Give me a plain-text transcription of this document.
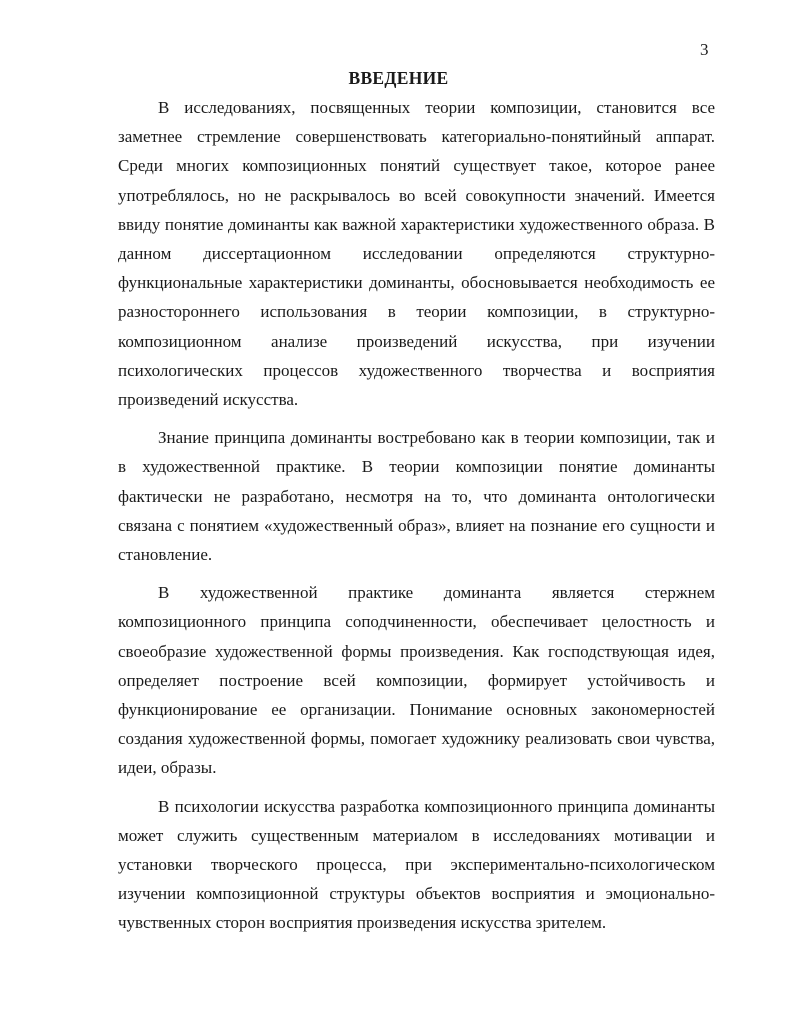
3
ВВЕДЕНИЕ

В исследованиях, посвященных теории композиции, становится все заметнее стремление совершенствовать категориально-понятийный аппарат. Среди многих композиционных понятий существует такое, которое ранее употреблялось, но не раскрывалось во всей совокупности значений. Имеется ввиду понятие доминанты как важной характеристики художественного образа. В данном диссертационном исследовании определяются структурно-функциональные характеристики доминанты, обосновывается необходимость ее разностороннего использования в теории композиции, в структурно-композиционном анализе произведений искусства, при изучении психологических процессов художественного творчества и восприятия произведений искусства.

Знание принципа доминанты востребовано как в теории композиции, так и в художественной практике. В теории композиции понятие доминанты фактически не разработано, несмотря на то, что доминанта онтологически связана с понятием «художественный образ», влияет на познание его сущности и становление.

В художественной практике доминанта является стержнем композиционного принципа соподчиненности, обеспечивает целостность и своеобразие художественной формы произведения. Как господствующая идея, определяет построение всей композиции, формирует устойчивость и функционирование ее организации. Понимание основных закономерностей создания художественной формы, помогает художнику реализовать свои чувства, идеи, образы.

В психологии искусства разработка композиционного принципа доминанты может служить существенным материалом в исследованиях мотивации и установки творческого процесса, при экспериментально-психологическом изучении композиционной структуры объектов восприятия и эмоционально-чувственных сторон восприятия произведения искусства зрителем.
